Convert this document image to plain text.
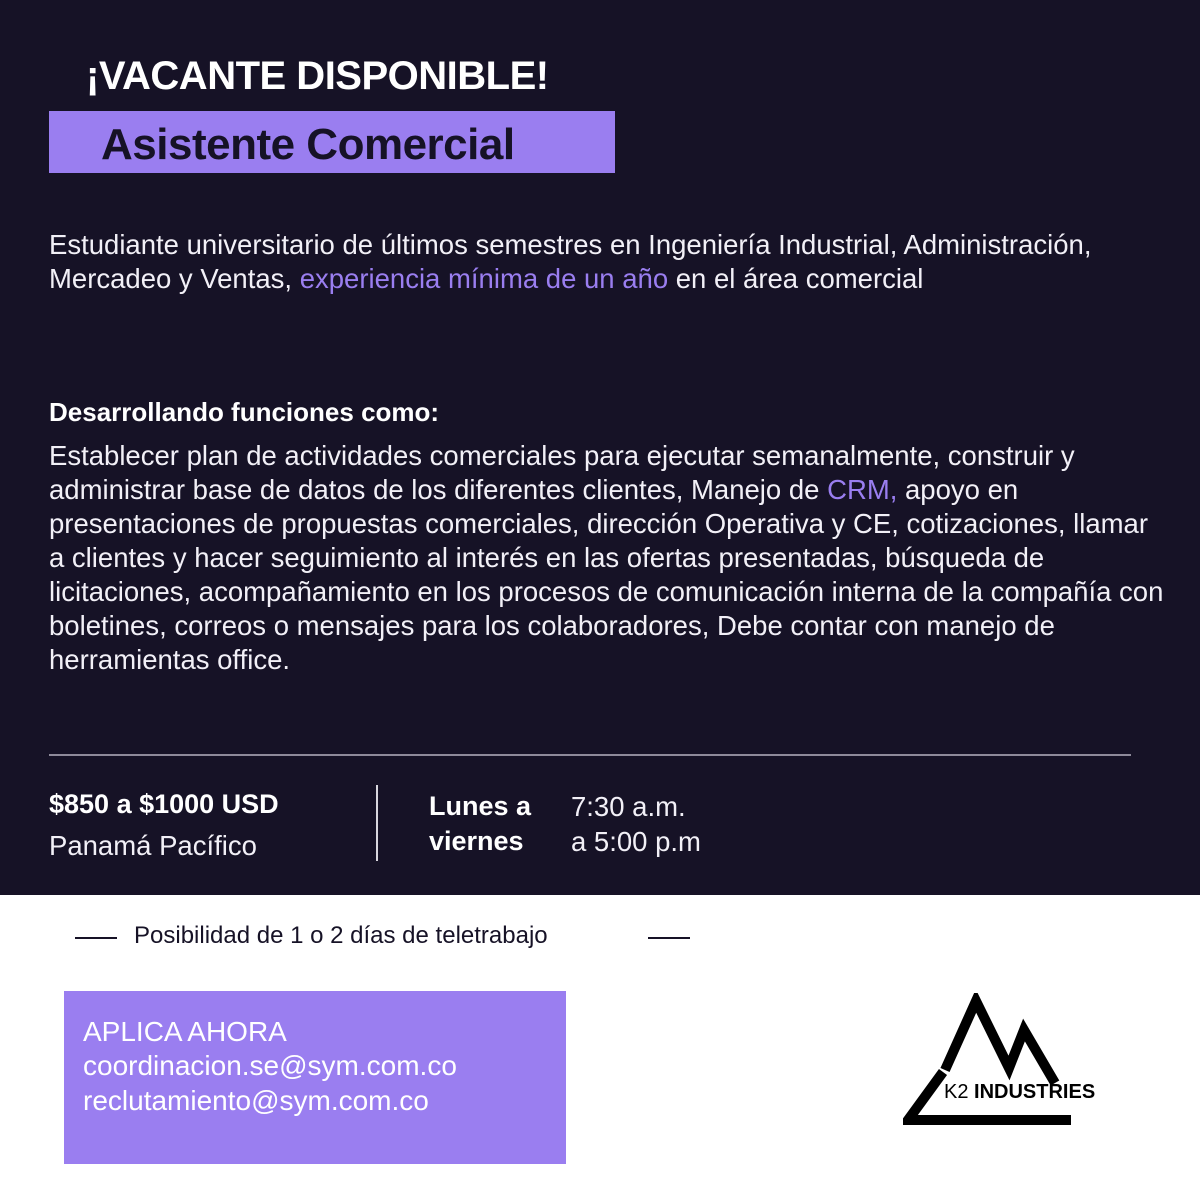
¡VACANTE DISPONIBLE!
Asistente Comercial
Estudiante universitario de últimos semestres en Ingeniería Industrial, Administración, Mercadeo y Ventas, experiencia mínima de un año en el área comercial
Desarrollando funciones como:
Establecer plan de actividades comerciales para ejecutar semanalmente, construir y administrar base de datos de los diferentes clientes, Manejo de CRM, apoyo en presentaciones de propuestas comerciales, dirección Operativa y CE, cotizaciones, llamar a clientes y hacer seguimiento al interés en las ofertas presentadas, búsqueda de licitaciones, acompañamiento en los procesos de comunicación interna de la compañía con boletines, correos o mensajes para los colaboradores, Debe contar con manejo de herramientas office.
$850 a $1000 USD
Panamá Pacífico
Lunes a
viernes
7:30 a.m.
a 5:00 p.m
Posibilidad de 1 o 2 días de teletrabajo
APLICA AHORA
coordinacion.se@sym.com.co
reclutamiento@sym.com.co	K2 INDUSTRIES
